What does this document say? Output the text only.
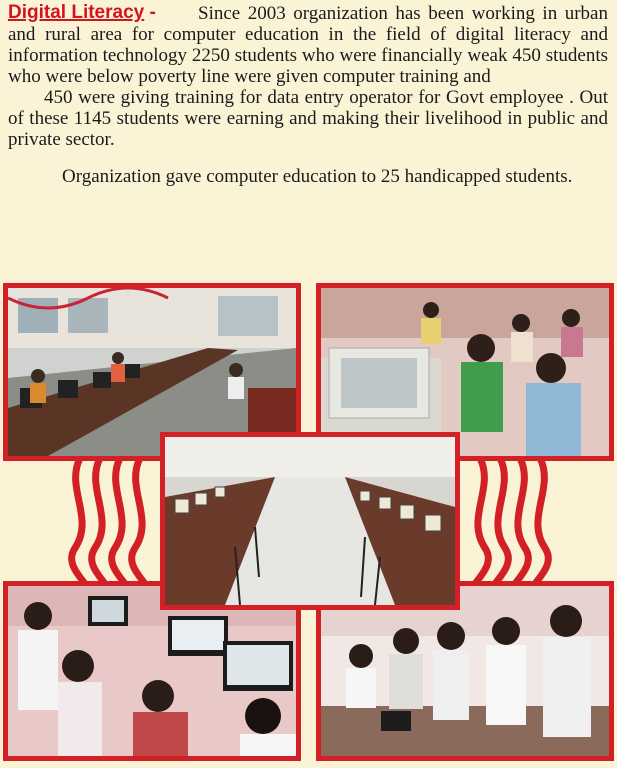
Digital Literacy -	Since 2003 organization has been working in urban and rural area for computer education in the field of digital literacy and information technology 2250 students who were financially weak 450 students who were below poverty line were given computer training and

450 were giving training for data entry operator for Govt employee . Out of these 1145 students were earning and making their livelihood in public and private sector.

Organization gave computer education to 25 handicapped students.
